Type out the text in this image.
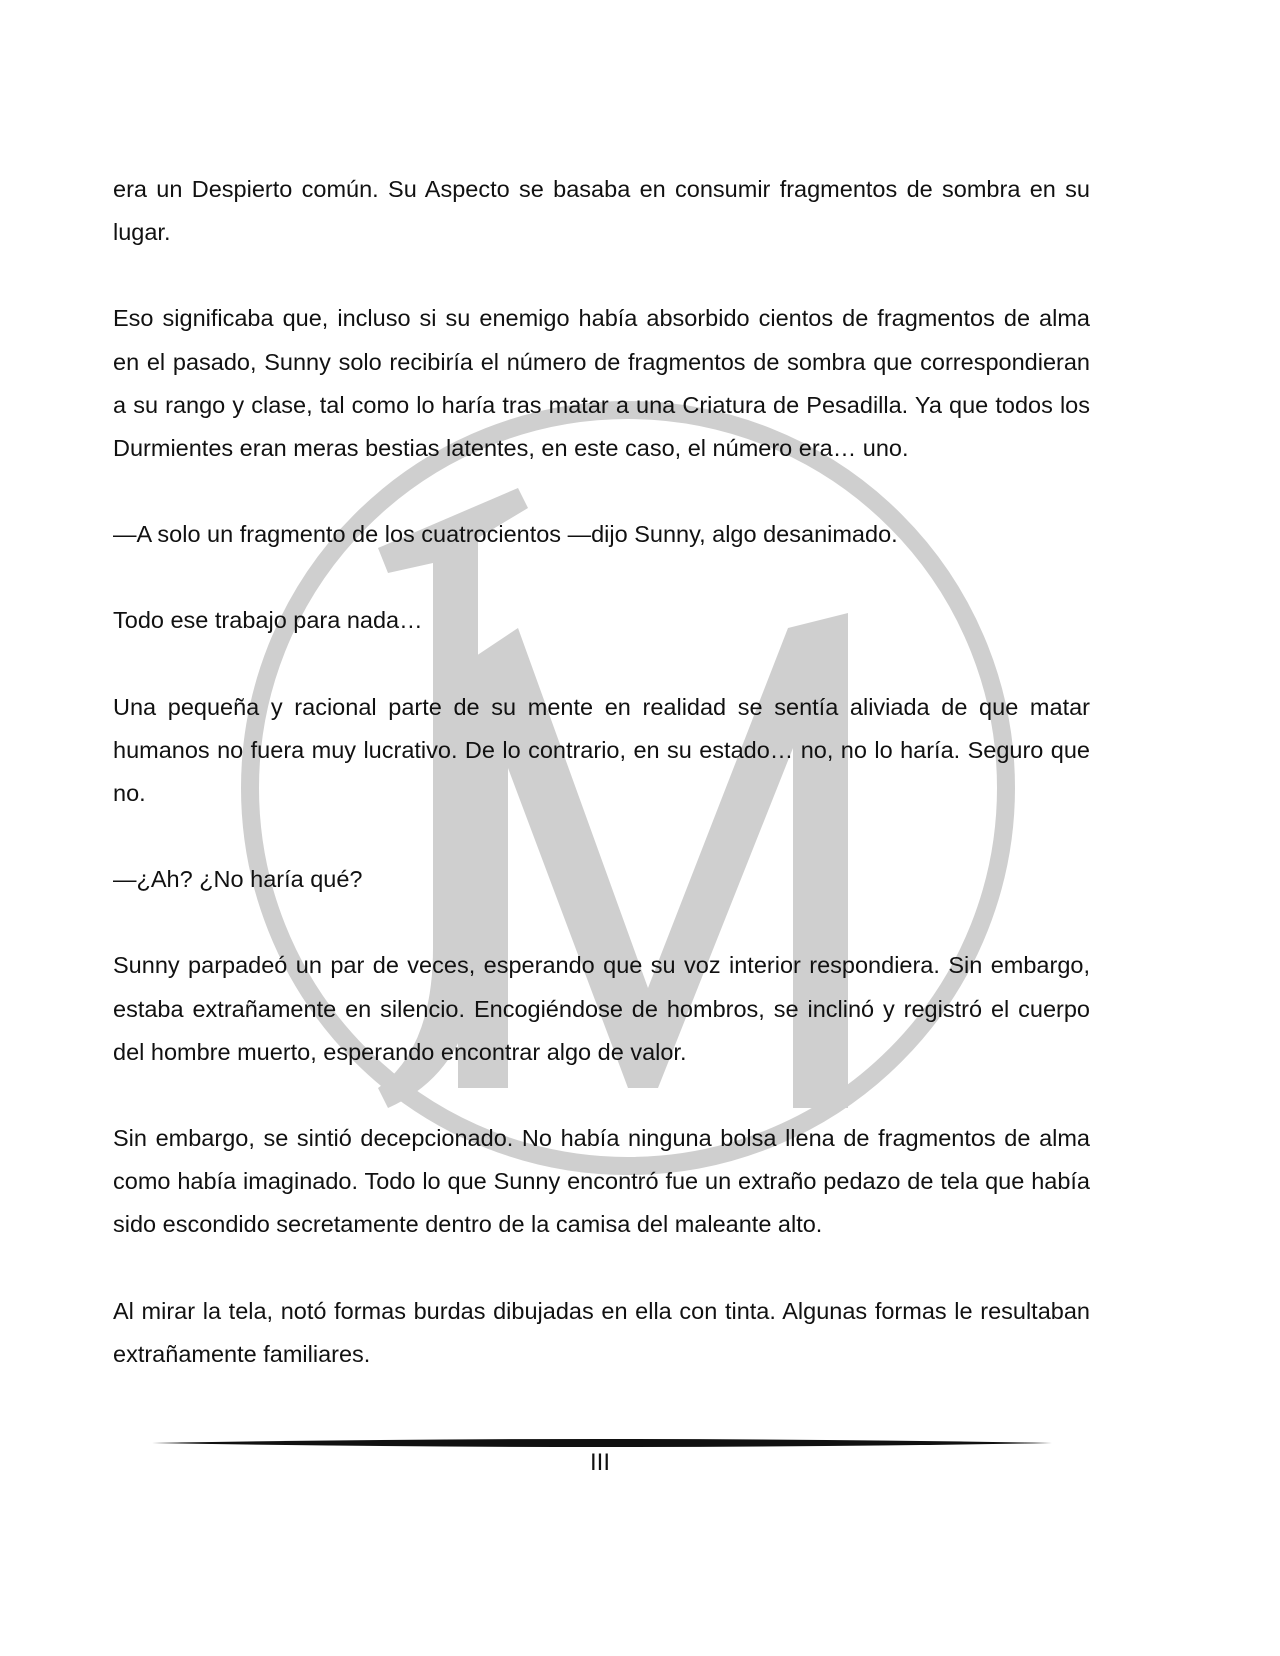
era un Despierto común. Su Aspecto se basaba en consumir fragmentos de sombra en su lugar.

Eso significaba que, incluso si su enemigo había absorbido cientos de fragmentos de alma en el pasado, Sunny solo recibiría el número de fragmentos de sombra que correspondieran a su rango y clase, tal como lo haría tras matar a una Criatura de Pesadilla. Ya que todos los Durmientes eran meras bestias latentes, en este caso, el número era… uno.

—A solo un fragmento de los cuatrocientos —dijo Sunny, algo desanimado.

Todo ese trabajo para nada…

Una pequeña y racional parte de su mente en realidad se sentía aliviada de que matar humanos no fuera muy lucrativo. De lo contrario, en su estado… no, no lo haría. Seguro que no.

—¿Ah? ¿No haría qué?

Sunny parpadeó un par de veces, esperando que su voz interior respondiera. Sin embargo, estaba extrañamente en silencio. Encogiéndose de hombros, se inclinó y registró el cuerpo del hombre muerto, esperando encontrar algo de valor.

Sin embargo, se sintió decepcionado. No había ninguna bolsa llena de fragmentos de alma como había imaginado. Todo lo que Sunny encontró fue un extraño pedazo de tela que había sido escondido secretamente dentro de la camisa del maleante alto.

Al mirar la tela, notó formas burdas dibujadas en ella con tinta. Algunas formas le resultaban extrañamente familiares.

III
